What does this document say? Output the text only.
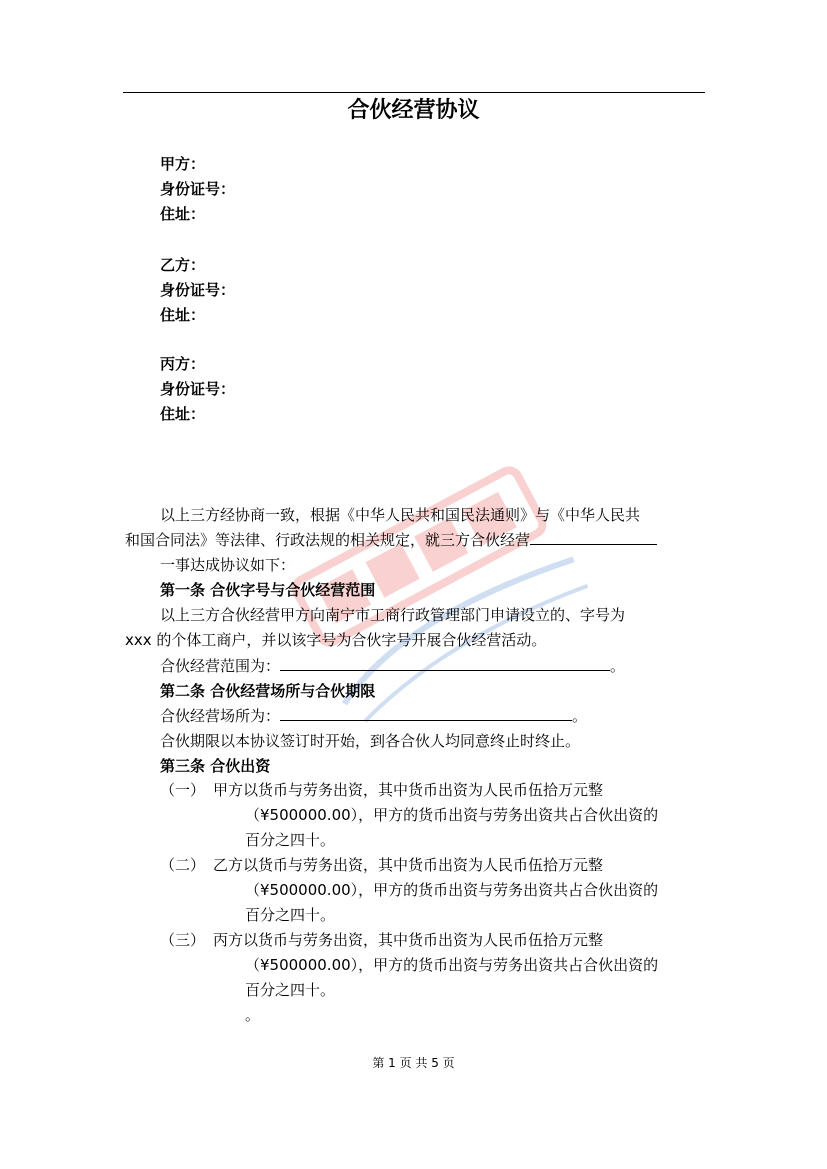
合伙经营协议
甲方：
身份证号：
住址：
乙方：
身份证号：
住址：
丙方：
身份证号：
住址：
以上三方经协商一致，根据《中华人民共和国民法通则》与《中华人民共
和国合同法》等法律、行政法规的相关规定，就三方合伙经营
一事达成协议如下：
第一条 合伙字号与合伙经营范围
以上三方合伙经营甲方向南宁市工商行政管理部门申请设立的、字号为
xxx 的个体工商户，并以该字号为合伙字号开展合伙经营活动。
合伙经营范围为：	。
第二条 合伙经营场所与合伙期限
合伙经营场所为：	。
合伙期限以本协议签订时开始，到各合伙人均同意终止时终止。
第三条 合伙出资
（一） 甲方以货币与劳务出资，其中货币出资为人民币伍拾万元整
（¥500000.00），甲方的货币出资与劳务出资共占合伙出资的
百分之四十。
（二） 乙方以货币与劳务出资，其中货币出资为人民币伍拾万元整
（¥500000.00），甲方的货币出资与劳务出资共占合伙出资的
百分之四十。
（三） 丙方以货币与劳务出资，其中货币出资为人民币伍拾万元整
（¥500000.00），甲方的货币出资与劳务出资共占合伙出资的
百分之四十。
。
第 1 页 共 5 页
